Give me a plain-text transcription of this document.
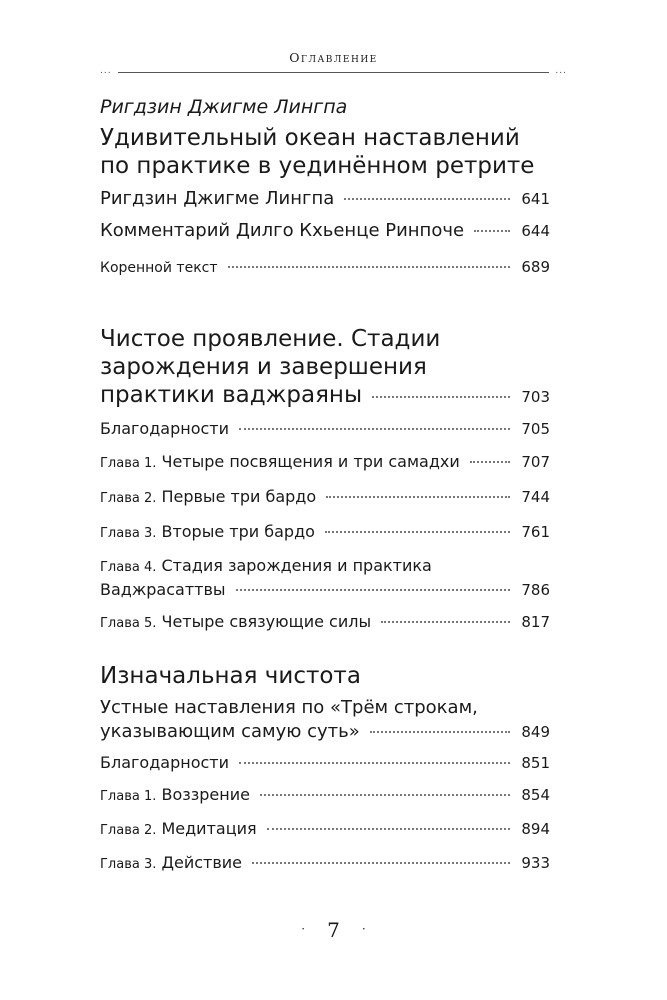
Оглавление
...	...
Ригдзин Джигме Лингпа
Удивительный океан наставлений
по практике в уединённом ретрите
Ригдзин Джигме Лингпа	641
Комментарий Дилго Кхьенце Ринпоче	644
Коренной текст	689
Чистое проявление. Стадии
зарождения и завершения
практики ваджраяны	703
Благодарности	705
Глава 1. Четыре посвящения и три самадхи	707
Глава 2. Первые три бардо	744
Глава 3. Вторые три бардо	761
Глава 4. Стадия зарождения и практика
Ваджрасаттвы	786
Глава 5. Четыре связующие силы	817
Изначальная чистота
Устные наставления по «Трём строкам,
указывающим самую суть»	849
Благодарности	851
Глава 1. Воззрение	854
Глава 2. Медитация	894
Глава 3. Действие	933
· 7 ·
